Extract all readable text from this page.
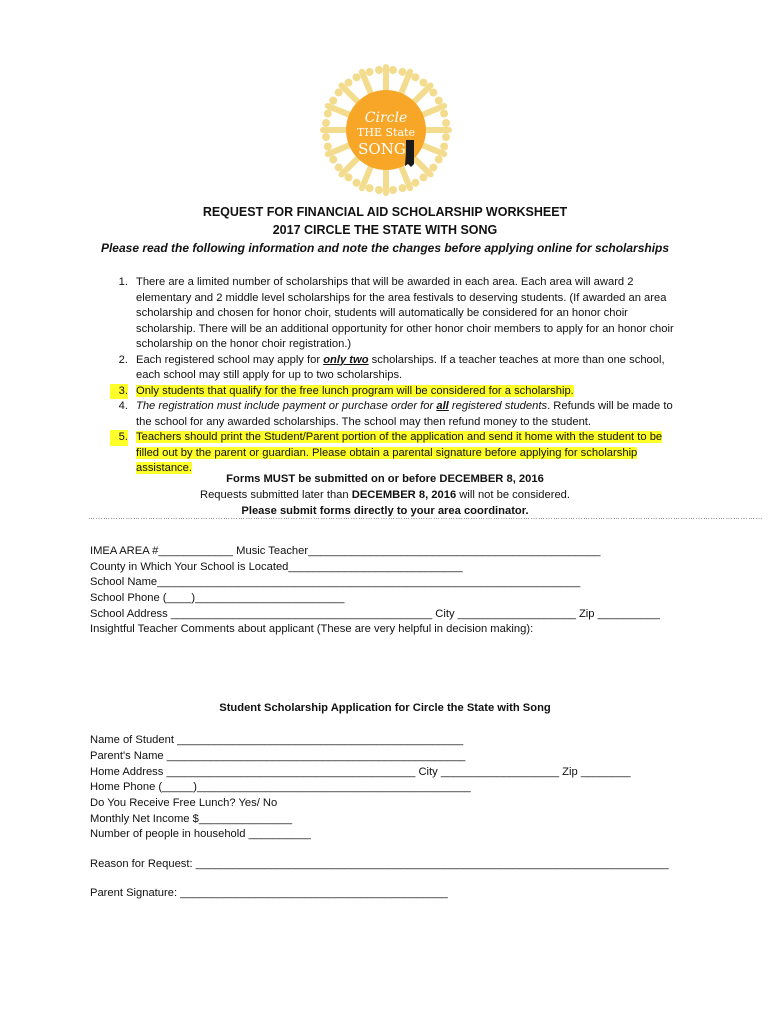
Circle
THE State
SONG
REQUEST FOR FINANCIAL AID SCHOLARSHIP WORKSHEET
2017 CIRCLE THE STATE WITH SONG
Please read the following information and note the changes before applying online for scholarships
1. There are a limited number of scholarships that will be awarded in each area. Each area will award 2 elementary and 2 middle level scholarships for the area festivals to deserving students. (If awarded an area scholarship and chosen for honor choir, students will automatically be considered for an honor choir scholarship. There will be an additional opportunity for other honor choir members to apply for an honor choir scholarship on the honor choir registration.)
2. Each registered school may apply for only two scholarships. If a teacher teaches at more than one school, each school may still apply for up to two scholarships.
3. Only students that qualify for the free lunch program will be considered for a scholarship.
4. The registration must include payment or purchase order for all registered students. Refunds will be made to the school for any awarded scholarships. The school may then refund money to the student.
5. Teachers should print the Student/Parent portion of the application and send it home with the student to be filled out by the parent or guardian. Please obtain a parental signature before applying for scholarship assistance.
Forms MUST be submitted on or before DECEMBER 8, 2016
Requests submitted later than DECEMBER 8, 2016 will not be considered.
Please submit forms directly to your area coordinator.
………………………………………………………………………………………………………………………………………………………………………………………………………………………………………………
IMEA AREA #____________ Music Teacher_______________________________________________
County in Which Your School is Located____________________________
School Name____________________________________________________________________
School Phone (____)________________________
School Address __________________________________________ City ___________________ Zip __________
Insightful Teacher Comments about applicant (These are very helpful in decision making):
Student Scholarship Application for Circle the State with Song
Name of Student ______________________________________________
Parent's Name ________________________________________________
Home Address ________________________________________ City ___________________ Zip ________
Home Phone (_____)____________________________________________
Do You Receive Free Lunch? Yes/ No
Monthly Net Income $_______________
Number of people in household __________
Reason for Request: ____________________________________________________________________________
Parent Signature: ___________________________________________
